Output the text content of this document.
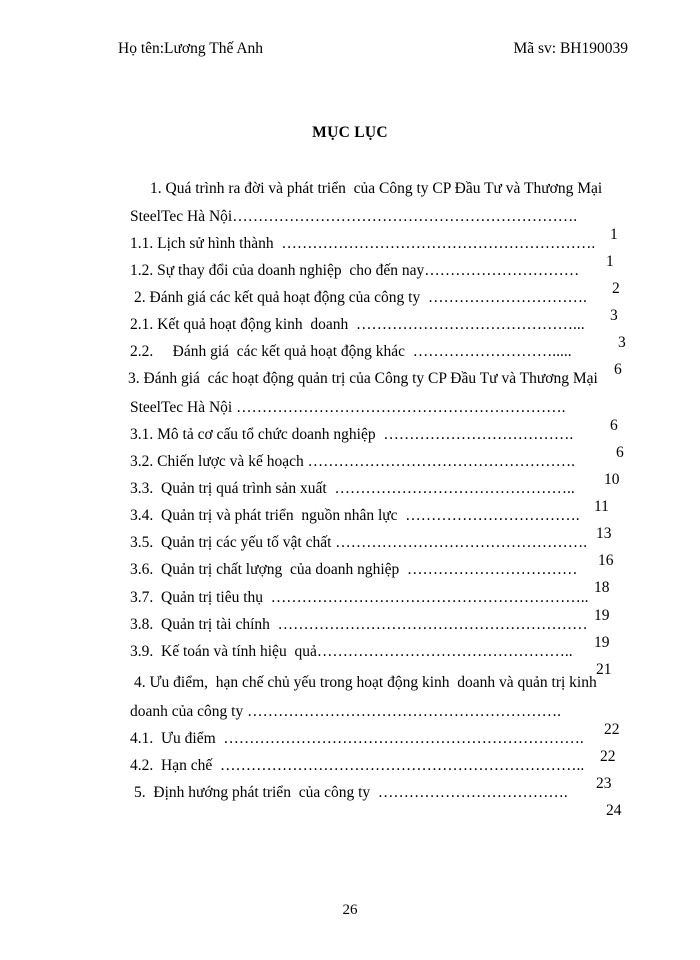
Họ tên:Lương Thế Anh	Mã sv: BH190039
MỤC LỤC

1. Quá trình ra đời và phát triển  của Công ty CP Đầu Tư và Thương Mại

SteelTec Hà Nội………………………………………………………….

1

1.1. Lịch sử hình thành  …………………………………………………….

1

1.2. Sự thay đổi của doanh nghiệp  cho đến nay…………………………

2

2. Đánh giá các kết quả hoạt động của công ty  ………………………….

3

2.1. Kết quả hoạt động kinh  doanh  ……………………………………...

3

2.2.     Đánh giá  các kết quả hoạt động khác  ……………………….....

6

3. Đánh giá  các hoạt động quản trị của Công ty CP Đầu Tư và Thương Mại

SteelTec Hà Nội ……………………………………………………….

6

3.1. Mô tả cơ cấu tổ chức doanh nghiệp  ……………………………….

6

3.2. Chiến lược và kế hoạch …………………………………………….

10

3.3.  Quản trị quá trình sản xuất  ………………………………………..

11

3.4.  Quản trị và phát triển  nguồn nhân lực  …………………………….

13

3.5.  Quản trị các yếu tố vật chất ………………………………………….

16

3.6.  Quản trị chất lượng  của doanh nghiệp  ……………………………

18

3.7.  Quản trị tiêu thụ  ……………………………………………………..

19

3.8.  Quản trị tài chính  ……………………………………………………

19

3.9.  Kế toán và tính hiệu  quả…………………………………………..

21

4. Ưu điểm,  hạn chế chủ yếu trong hoạt động kinh  doanh và quản trị kinh

doanh của công ty …………………………………………………….

22

4.1.  Ưu điểm  …………………………………………………………….

22

4.2.  Hạn chế  ……………………………………………………………..

23

5.  Định hướng phát triển  của công ty  ……………………………….

24

26
